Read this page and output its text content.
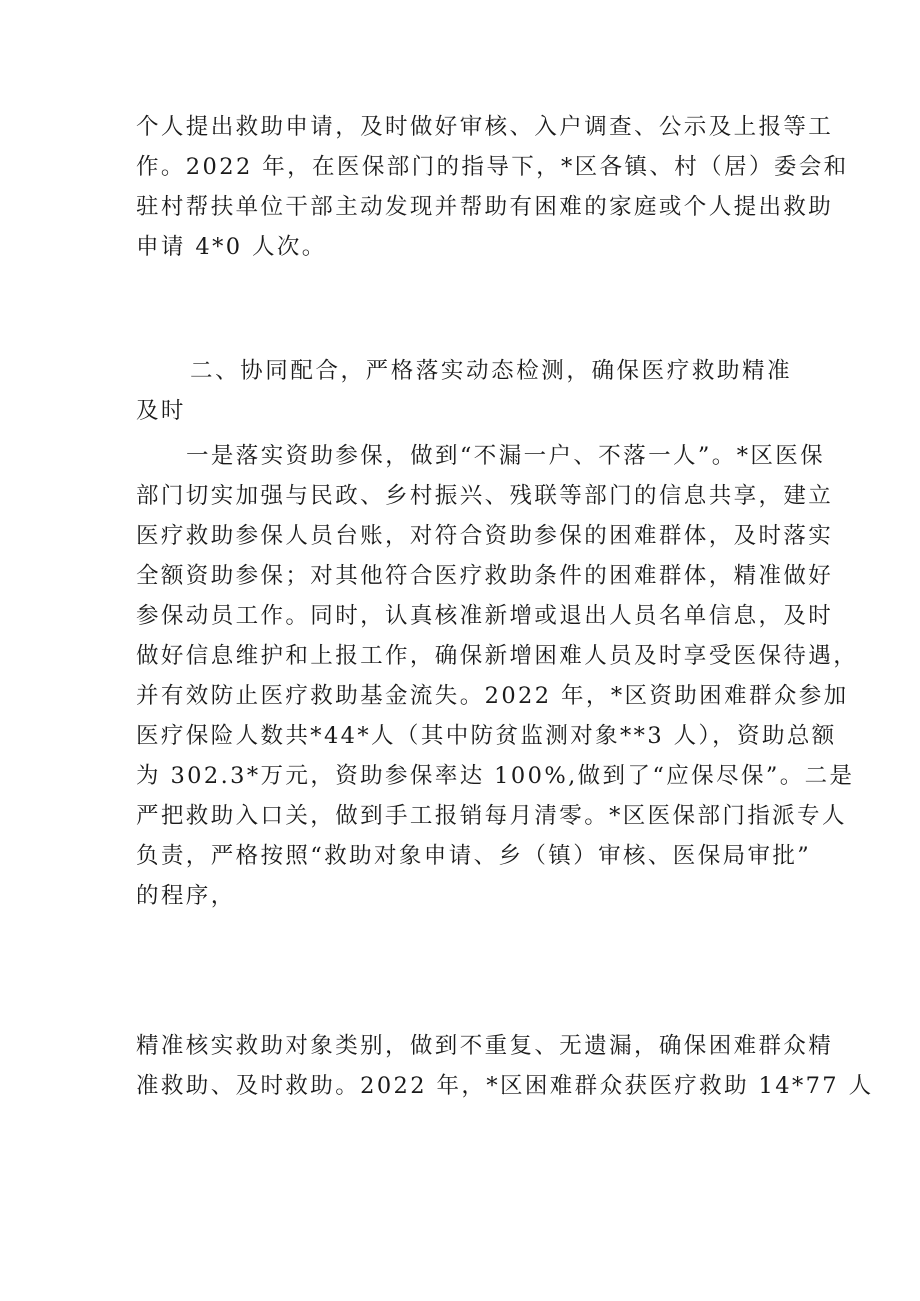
个人提出救助申请，及时做好审核、入户调查、公示及上报等工
作。2022 年，在医保部门的指导下，*区各镇、村（居）委会和
驻村帮扶单位干部主动发现并帮助有困难的家庭或个人提出救助
申请 4*0 人次。
二、协同配合，严格落实动态检测，确保医疗救助精准及时
一是落实资助参保，做到“不漏一户、不落一人”。*区医保
部门切实加强与民政、乡村振兴、残联等部门的信息共享，建立
医疗救助参保人员台账，对符合资助参保的困难群体，及时落实
全额资助参保；对其他符合医疗救助条件的困难群体，精准做好
参保动员工作。同时，认真核准新增或退出人员名单信息，及时
做好信息维护和上报工作，确保新增困难人员及时享受医保待遇，
并有效防止医疗救助基金流失。2022 年，*区资助困难群众参加
医疗保险人数共*44*人（其中防贫监测对象**3 人），资助总额
为 302.3*万元，资助参保率达 100%,做到了“应保尽保”。二是
严把救助入口关，做到手工报销每月清零。*区医保部门指派专人
负责，严格按照“救助对象申请、乡（镇）审核、医保局审批”
的程序，
精准核实救助对象类别，做到不重复、无遗漏，确保困难群众精
准救助、及时救助。2022 年，*区困难群众获医疗救助 14*77 人
